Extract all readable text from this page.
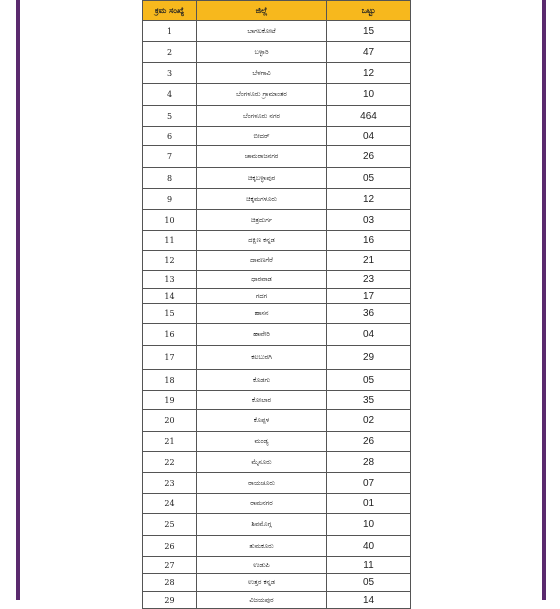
ಕ್ರಮ ಸಂಖ್ಯೆ	ಜಿಲ್ಲೆ	ಒಟ್ಟು
1	ಬಾಗಲಕೋಟೆ	15
2	ಬಳ್ಳಾರಿ	47
3	ಬೆಳಗಾವಿ	12
4	ಬೆಂಗಳೂರು ಗ್ರಾಮಾಂತರ	10
5	ಬೆಂಗಳೂರು ನಗರ	464
6	ಬೀದರ್	04
7	ಚಾಮರಾಜನಗರ	26
8	ಚಿಕ್ಕಬಳ್ಳಾಪುರ	05
9	ಚಿಕ್ಕಮಗಳೂರು	12
10	ಚಿತ್ರದುರ್ಗ	03
11	ದಕ್ಷಿಣ ಕನ್ನಡ	16
12	ದಾವಣಗೆರೆ	21
13	ಧಾರವಾಡ	23
14	ಗದಗ	17
15	ಹಾಸನ	36
16	ಹಾವೇರಿ	04
17	ಕಲಬುರಗಿ	29
18	ಕೊಡಗು	05
19	ಕೋಲಾರ	35
20	ಕೊಪ್ಪಳ	02
21	ಮಂಡ್ಯ	26
22	ಮೈಸೂರು	28
23	ರಾಯಚೂರು	07
24	ರಾಮನಗರ	01
25	ಶಿವಮೊಗ್ಗ	10
26	ತುಮಕೂರು	40
27	ಉಡುಪಿ	11
28	ಉತ್ತರ ಕನ್ನಡ	05
29	ವಿಜಯಪುರ	14
